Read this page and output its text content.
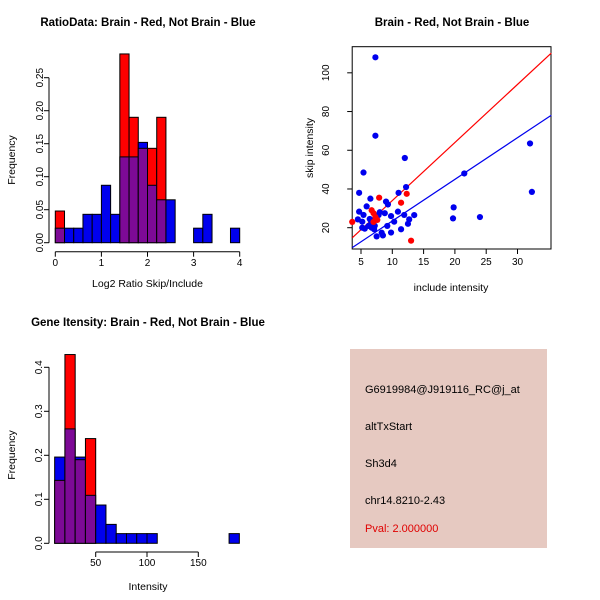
RatioData: Brain - Red, Not Brain - Blue
0.00
0.05
0.10
0.15
0.20
0.25
Frequency
0	1	2	3	4
Log2 Ratio Skip/Include
Brain - Red, Not Brain - Blue
5 10 15 20 25 30
include intensity
20
40
60
80
100
skip intensity
Gene Itensity: Brain - Red, Not Brain - Blue
0.0
0.1
0.2
0.3
0.4
Frequency
50	100	150
Intensity
G6919984@J919116_RC@j_at
altTxStart
Sh3d4
chr14.8210-2.43
Pval: 2.000000
